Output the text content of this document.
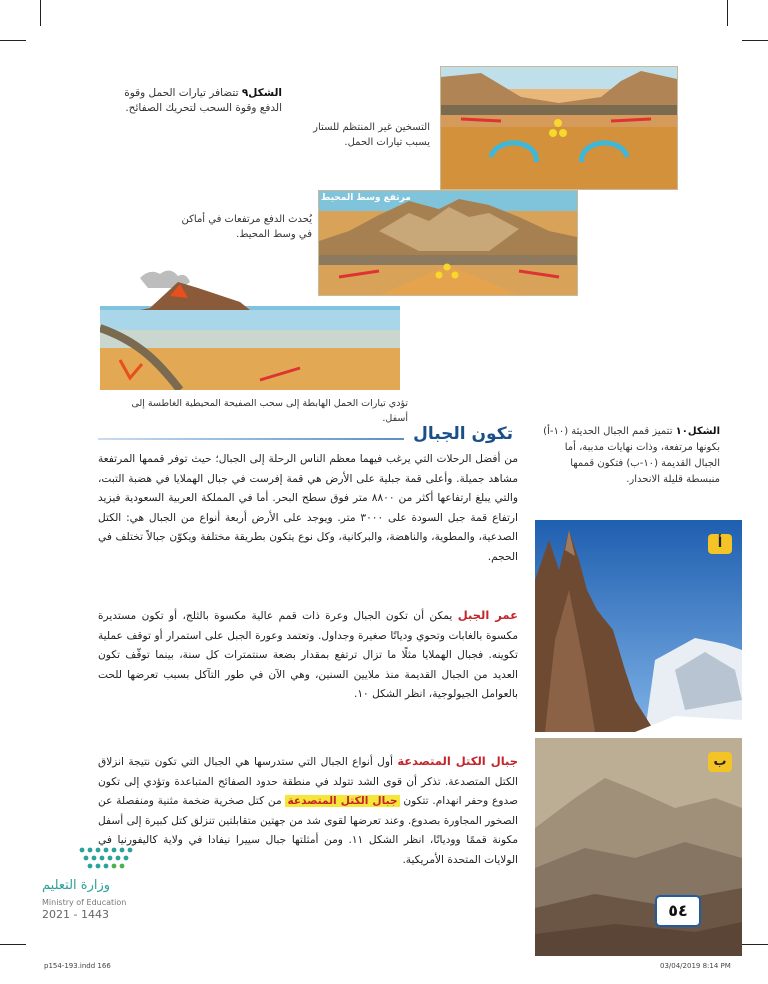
الشكل٩ تتضافر تيارات الحمل وقوة الدفع وقوة السحب لتحريك الصفائح.
التسخين غير المنتظم للستار يسبب تيارات الحمل.
مرتفع وسط المحيط
يُحدث الدفع مرتفعات في أماكن في وسط المحيط.
تؤدي تيارات الحمل الهابطة إلى سحب الصفيحة المحيطية الغاطسة إلى أسفل.
تكون الجبال
من أفضل الرحلات التي يرغب فيهما معظم الناس الرحلة إلى الجبال؛ حيث توفر قممها المرتفعة مشاهد جميلة. وأعلى قمة جبلية على الأرض هي قمة إفرست في جبال الهملايا في هضبة التبت، والتي يبلغ ارتفاعها أكثر من ٨٨٠٠ متر فوق سطح البحر. أما في المملكة العربية السعودية فيزيد ارتفاع قمة جبل السودة على ٣٠٠٠ متر. ويوجد على الأرض أربعة أنواع من الجبال هي: الكتل الصدعية، والمطوية، والناهضة، والبركانية، وكل نوع يتكون بطريقة مختلفة ويكوّن جبالاً تختلف في الحجم.
عمر الجبل يمكن أن تكون الجبال وعرة ذات قمم عالية مكسوة بالثلج، أو تكون مستديرة مكسوة بالغابات وتحوي وديانًا صغيرة وجداول. وتعتمد وعورة الجبل على استمرار أو توقف عملية تكوينه. فجبال الهملايا مثلًا ما تزال ترتفع بمقدار بضعة سنتمترات كل سنة، بينما توقّف تكون العديد من الجبال القديمة منذ ملايين السنين، وهي الآن في طور التآكل بسبب تعرضها للحت بالعوامل الجيولوجية، انظر الشكل ١٠.
جبال الكتل المتصدعة أول أنواع الجبال التي ستدرسها هي الجبال التي تكون نتيجة انزلاق الكتل المتصدعة. تذكر أن قوى الشد تتولد في منطقة حدود الصفائح المتباعدة وتؤدي إلى تكون صدوع وحفر انهدام. تتكون جبال الكتل المتصدعة من كتل صخرية ضخمة مثنية ومنفصلة عن الصخور المجاورة بصدوع. وعند تعرضها لقوى شد من جهتين متقابلتين تنزلق كتل كبيرة إلى أسفل مكونة قممًا ووديانًا، انظر الشكل ١١. ومن أمثلتها جبال سييرا نيفادا في ولاية كاليفورنيا في الولايات المتحدة الأمريكية.
الشكل١٠ تتميز قمم الجبال الحديثة (١٠-أ) بكونها مرتفعة، وذات نهايات مدببة، أما الجبال القديمة (١٠-ب) فتكون قممها منبسطة قليلة الانحدار.
أ
ب
٥٤
وزارة التعليم
Ministry of Education
2021 - 1443
p154-193.indd 166	03/04/2019 8:14 PM
